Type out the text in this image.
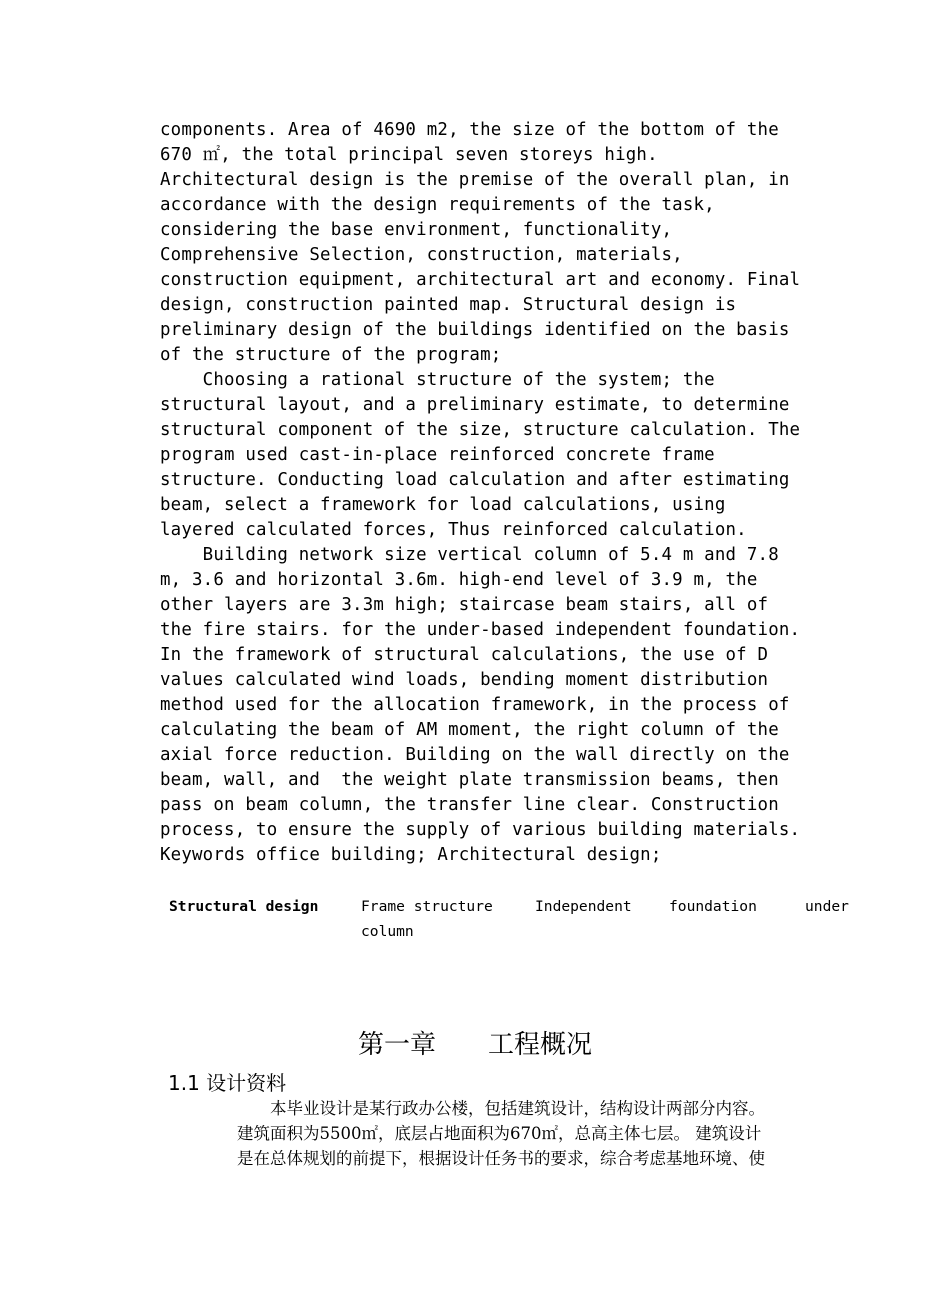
components. Area of 4690 m2, the size of the bottom of the
670 ㎡, the total principal seven storeys high.
Architectural design is the premise of the overall plan, in
accordance with the design requirements of the task,
considering the base environment, functionality,
Comprehensive Selection, construction, materials,
construction equipment, architectural art and economy. Final
design, construction painted map. Structural design is
preliminary design of the buildings identified on the basis
of the structure of the program;
Choosing a rational structure of the system; the
structural layout, and a preliminary estimate, to determine
structural component of the size, structure calculation. The
program used cast-in-place reinforced concrete frame
structure. Conducting load calculation and after estimating
beam, select a framework for load calculations, using
layered calculated forces, Thus reinforced calculation.
Building network size vertical column of 5.4 m and 7.8
m, 3.6 and horizontal 3.6m. high-end level of 3.9 m, the
other layers are 3.3m high; staircase beam stairs, all of
the fire stairs. for the under-based independent foundation.
In the framework of structural calculations, the use of D
values calculated wind loads, bending moment distribution
method used for the allocation framework, in the process of
calculating the beam of AM moment, the right column of the
axial force reduction. Building on the wall directly on the
beam, wall, and  the weight plate transmission beams, then
pass on beam column, the transfer line clear. Construction
process, to ensure the supply of various building materials.
Keywords office building; Architectural design;
Structural design	Frame structure	Independent	foundation	under
column
第一章　　工程概况
1.1 设计资料
　　本毕业设计是某行政办公楼，包括建筑设计，结构设计两部分内容。
建筑面积为5500㎡，底层占地面积为670㎡，总高主体七层。 建筑设计
是在总体规划的前提下，根据设计任务书的要求，综合考虑基地环境、使
